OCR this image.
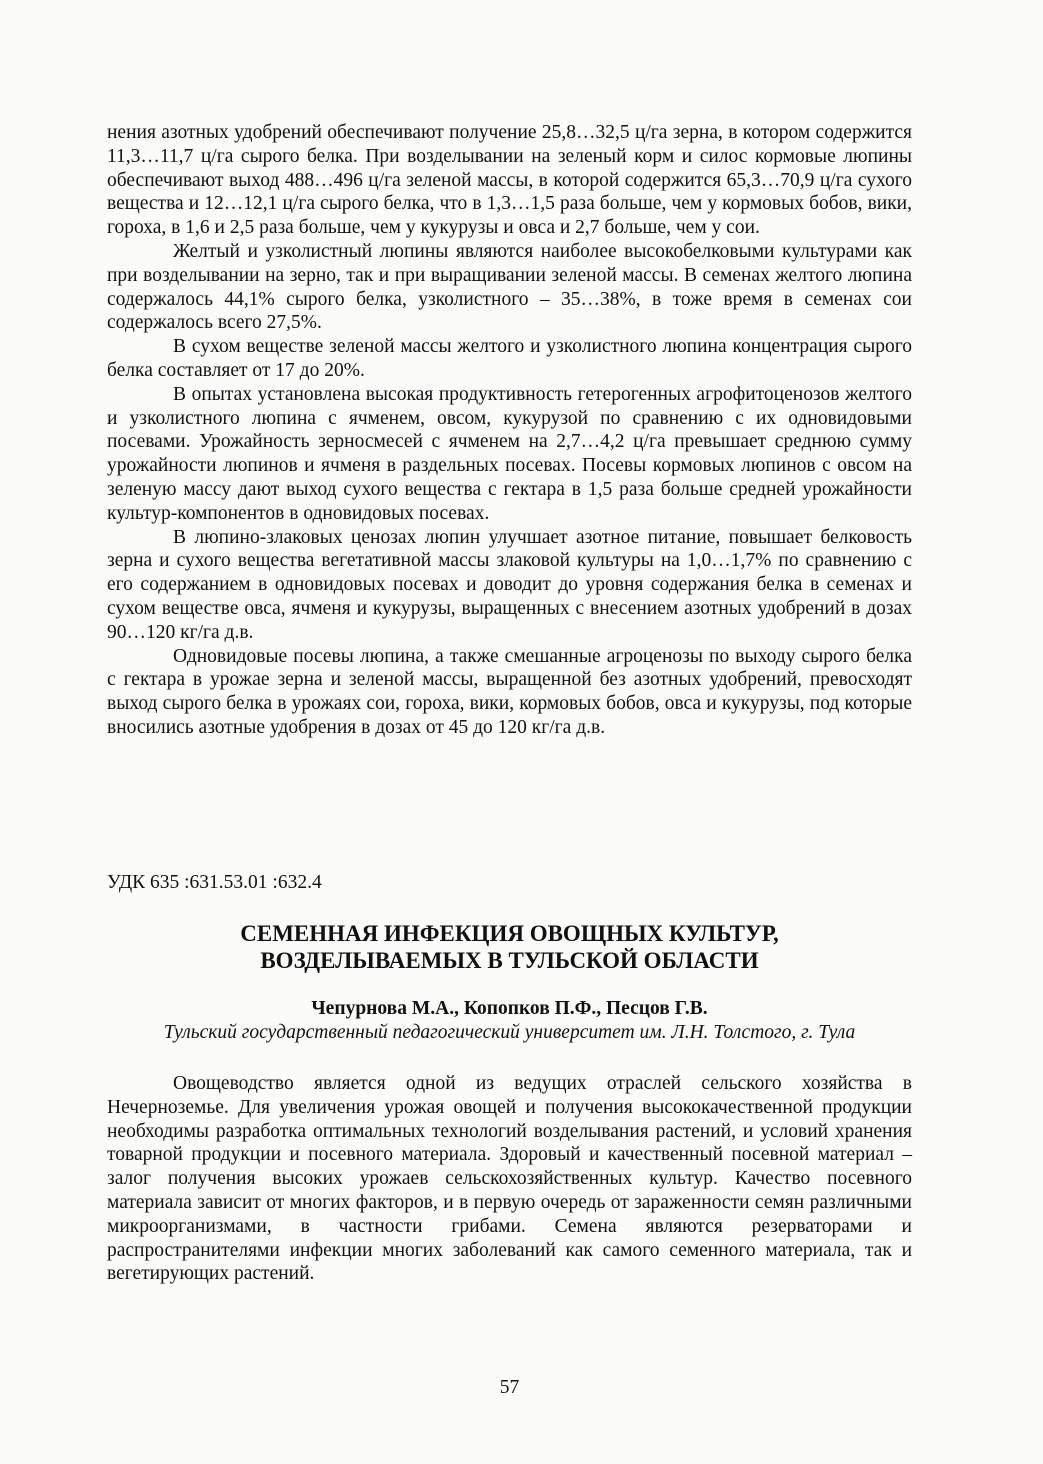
нения азотных удобрений обеспечивают получение 25,8…32,5 ц/га зерна, в котором содержится 11,3…11,7 ц/га сырого белка. При возделывании на зеленый корм и силос кормовые люпины обеспечивают выход 488…496 ц/га зеленой массы, в которой содержится 65,3…70,9 ц/га сухого вещества и 12…12,1 ц/га сырого белка, что в 1,3…1,5 раза больше, чем у кормовых бобов, вики, гороха, в 1,6 и 2,5 раза больше, чем у кукурузы и овса и 2,7 больше, чем у сои.

Желтый и узколистный люпины являются наиболее высокобелковыми культурами как при возделывании на зерно, так и при выращивании зеленой массы. В семенах желтого люпина содержалось 44,1% сырого белка, узколистного – 35…38%, в тоже время в семенах сои содержалось всего 27,5%.

В сухом веществе зеленой массы желтого и узколистного люпина концентрация сырого белка составляет от 17 до 20%.

В опытах установлена высокая продуктивность гетерогенных агрофитоценозов желтого и узколистного люпина с ячменем, овсом, кукурузой по сравнению с их одновидовыми посевами. Урожайность зерносмесей с ячменем на 2,7…4,2 ц/га превышает среднюю сумму урожайности люпинов и ячменя в раздельных посевах. Посевы кормовых люпинов с овсом на зеленую массу дают выход сухого вещества с гектара в 1,5 раза больше средней урожайности культур-компонентов в одновидовых посевах.

В люпино-злаковых ценозах люпин улучшает азотное питание, повышает белковость зерна и сухого вещества вегетативной массы злаковой культуры на 1,0…1,7% по сравнению с его содержанием в одновидовых посевах и доводит до уровня содержания белка в семенах и сухом веществе овса, ячменя и кукурузы, выращенных с внесением азотных удобрений в дозах 90…120 кг/га д.в.

Одновидовые посевы люпина, а также смешанные агроценозы по выходу сырого белка с гектара в урожае зерна и зеленой массы, выращенной без азотных удобрений, превосходят выход сырого белка в урожаях сои, гороха, вики, кормовых бобов, овса и кукурузы, под которые вносились азотные удобрения в дозах от 45 до 120 кг/га д.в.

УДК 635 :631.53.01 :632.4

СЕМЕННАЯ ИНФЕКЦИЯ ОВОЩНЫХ КУЛЬТУР,
ВОЗДЕЛЫВАЕМЫХ В ТУЛЬСКОЙ ОБЛАСТИ

Чепурнова М.А., Копопков П.Ф., Песцов Г.В.

Тульский государственный педагогический университет им. Л.Н. Толстого, г. Тула

Овощеводство является одной из ведущих отраслей сельского хозяйства в Нечерноземье. Для увеличения урожая овощей и получения высококачественной продукции необходимы разработка оптимальных технологий возделывания растений, и условий хранения товарной продукции и посевного материала. Здоровый и качественный посевной материал – залог получения высоких урожаев сельскохозяйственных культур. Качество посевного материала зависит от многих факторов, и в первую очередь от зараженности семян различными микроорганизмами, в частности грибами. Семена являются резерваторами и распространителями инфекции многих заболеваний как самого семенного материала, так и вегетирующих растений.

57
